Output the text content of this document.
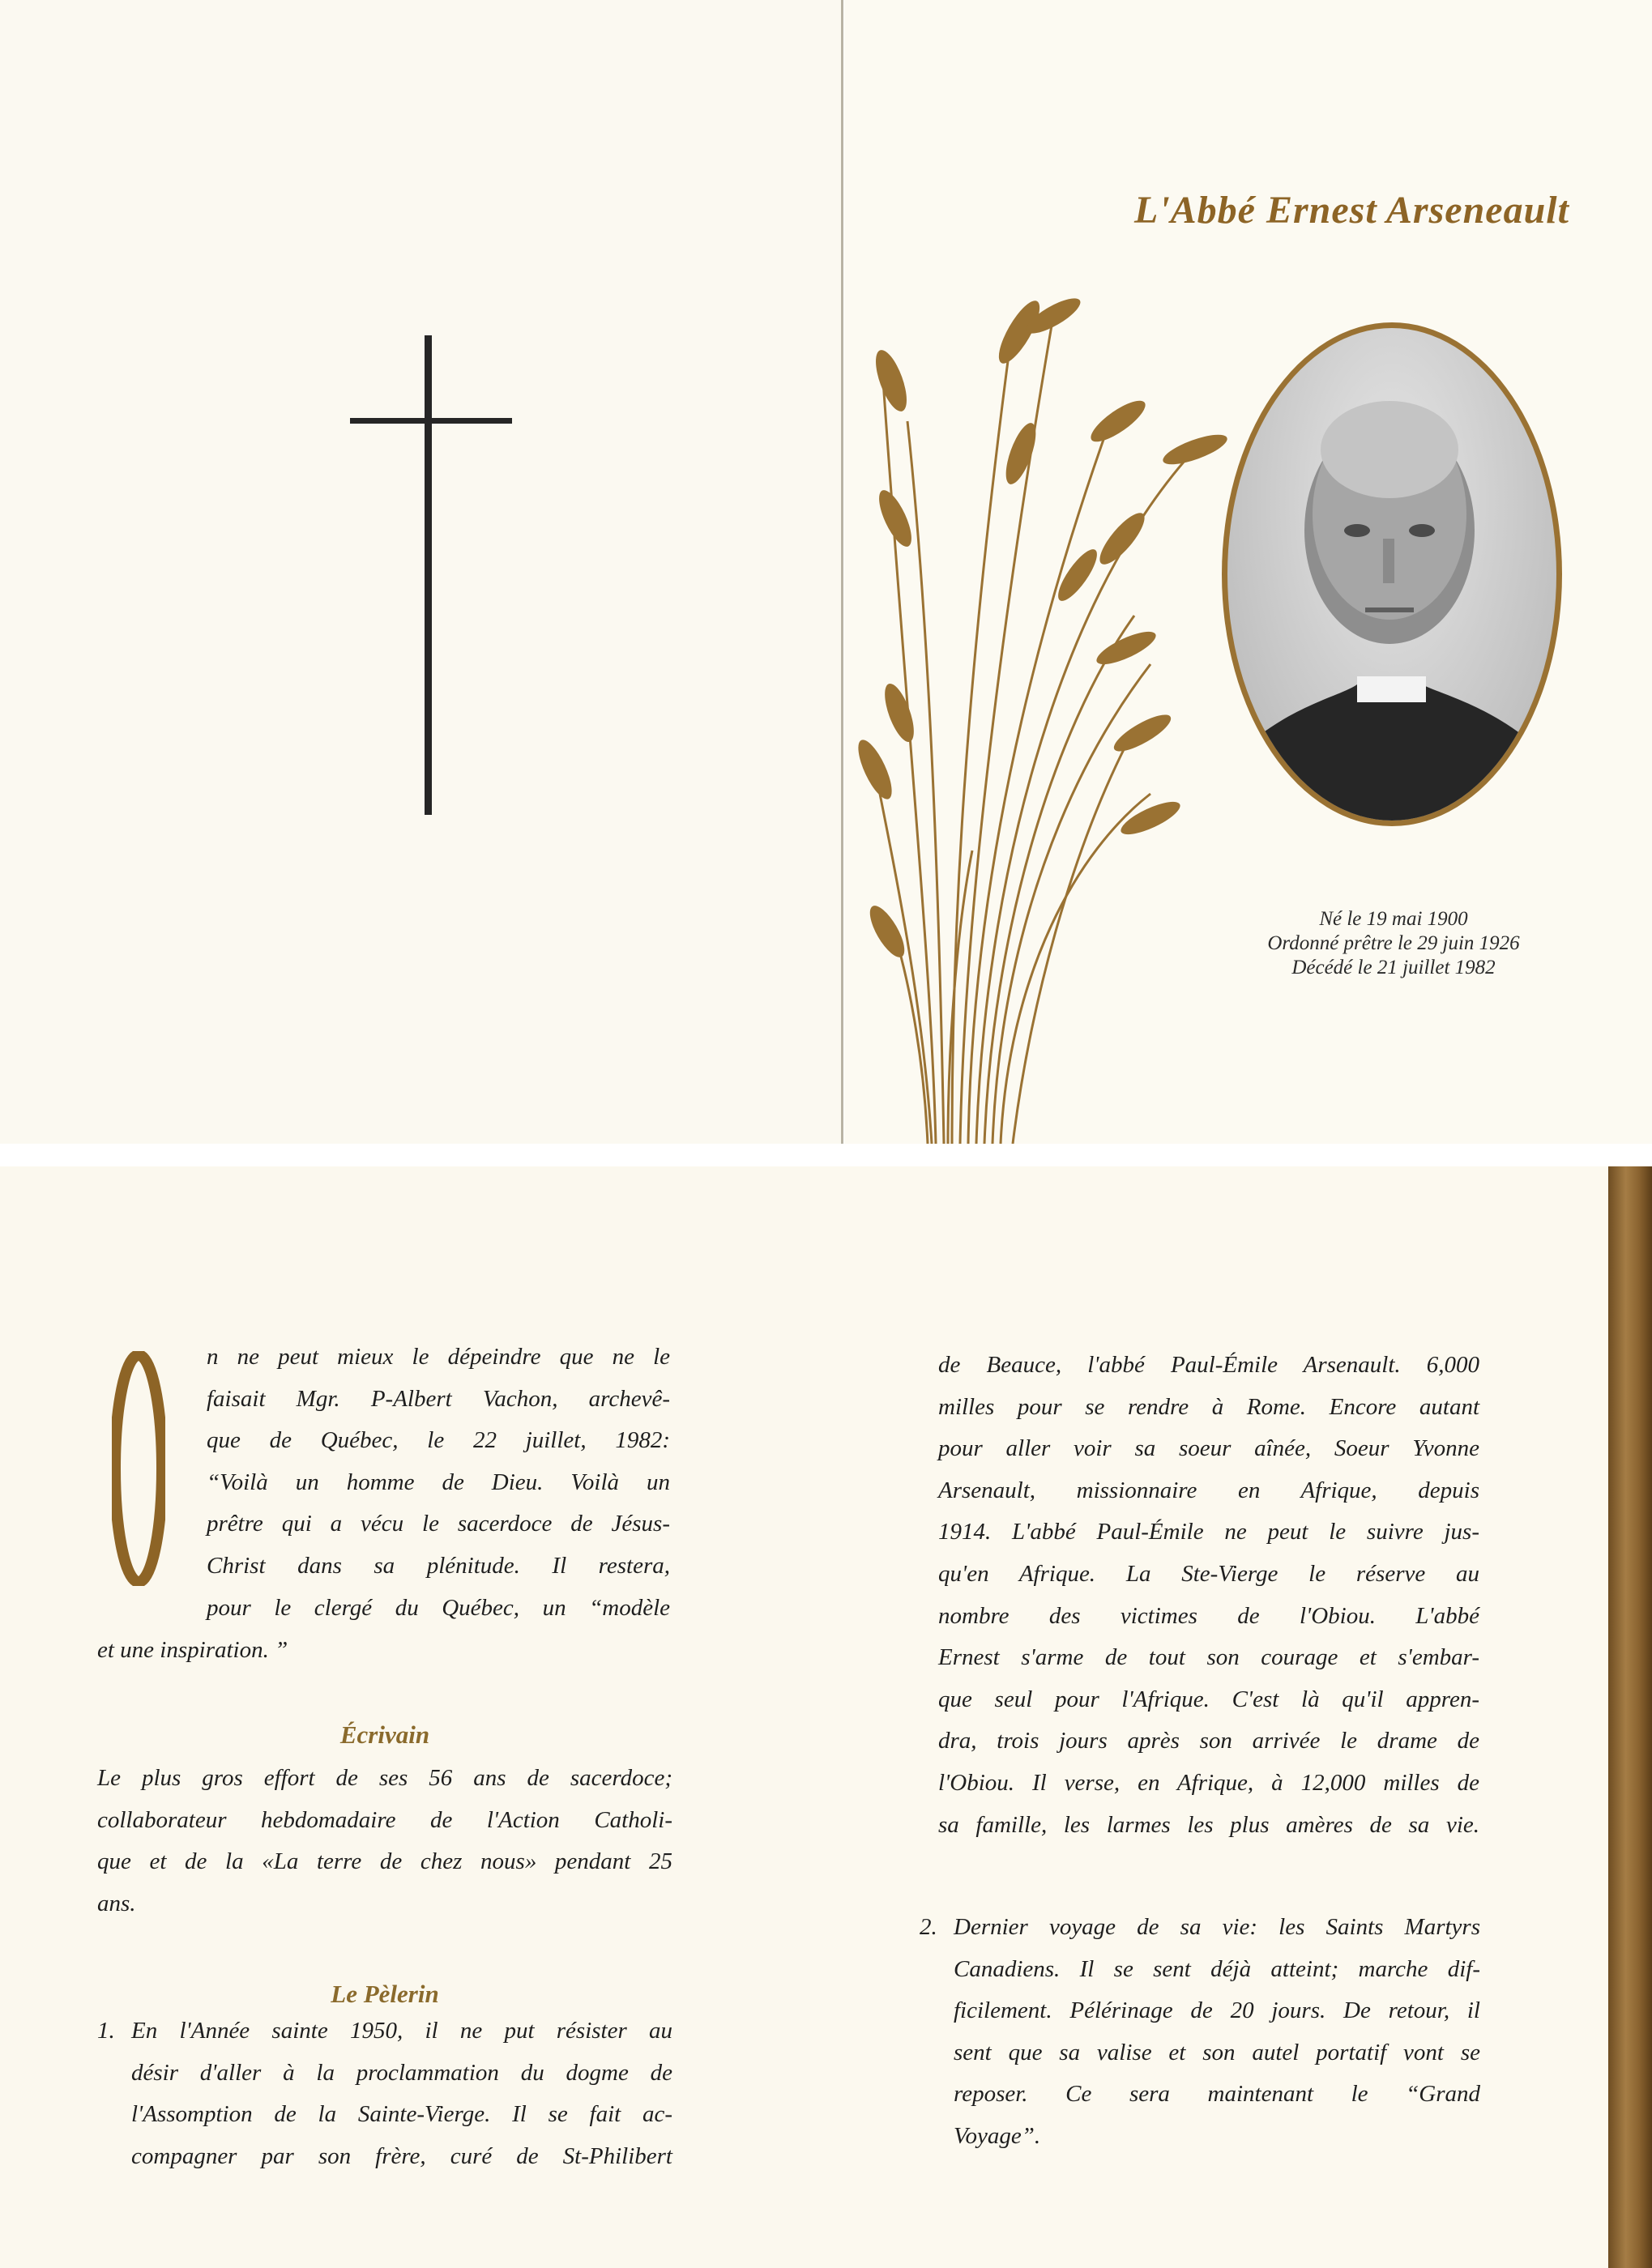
L'Abbé Ernest Arseneault
Né le 19 mai 1900
Ordonné prêtre le 29 juin 1926
Décédé le 21 juillet 1982
O
n ne peut mieux le dépeindre que ne le
faisait Mgr. P-Albert Vachon, archevê-
que de Québec, le 22 juillet, 1982:
“Voilà un homme de Dieu. Voilà un
prêtre qui a vécu le sacerdoce de Jésus-
Christ dans sa plénitude. Il restera,
pour le clergé du Québec, un “modèle
et une inspiration. ”
Écrivain
Le plus gros effort de ses 56 ans de sacerdoce;
collaborateur hebdomadaire de l'Action Catholi-
que et de la «La terre de chez nous» pendant 25
ans.
Le Pèlerin
1. En l'Année sainte 1950, il ne put résister au
désir d'aller à la proclammation du dogme de
l'Assomption de la Sainte-Vierge. Il se fait ac-
compagner par son frère, curé de St-Philibert
de Beauce, l'abbé Paul-Émile Arsenault. 6,000
milles pour se rendre à Rome. Encore autant
pour aller voir sa soeur aînée, Soeur Yvonne
Arsenault, missionnaire en Afrique, depuis
1914. L'abbé Paul-Émile ne peut le suivre jus-
qu'en Afrique. La Ste-Vierge le réserve au
nombre des victimes de l'Obiou. L'abbé
Ernest s'arme de tout son courage et s'embar-
que seul pour l'Afrique. C'est là qu'il appren-
dra, trois jours après son arrivée le drame de
l'Obiou. Il verse, en Afrique, à 12,000 milles de
sa famille, les larmes les plus amères de sa vie.
2. Dernier voyage de sa vie: les Saints Martyrs
Canadiens. Il se sent déjà atteint; marche dif-
ficilement. Pélérinage de 20 jours. De retour, il
sent que sa valise et son autel portatif vont se
reposer. Ce sera maintenant le “Grand
Voyage”.
